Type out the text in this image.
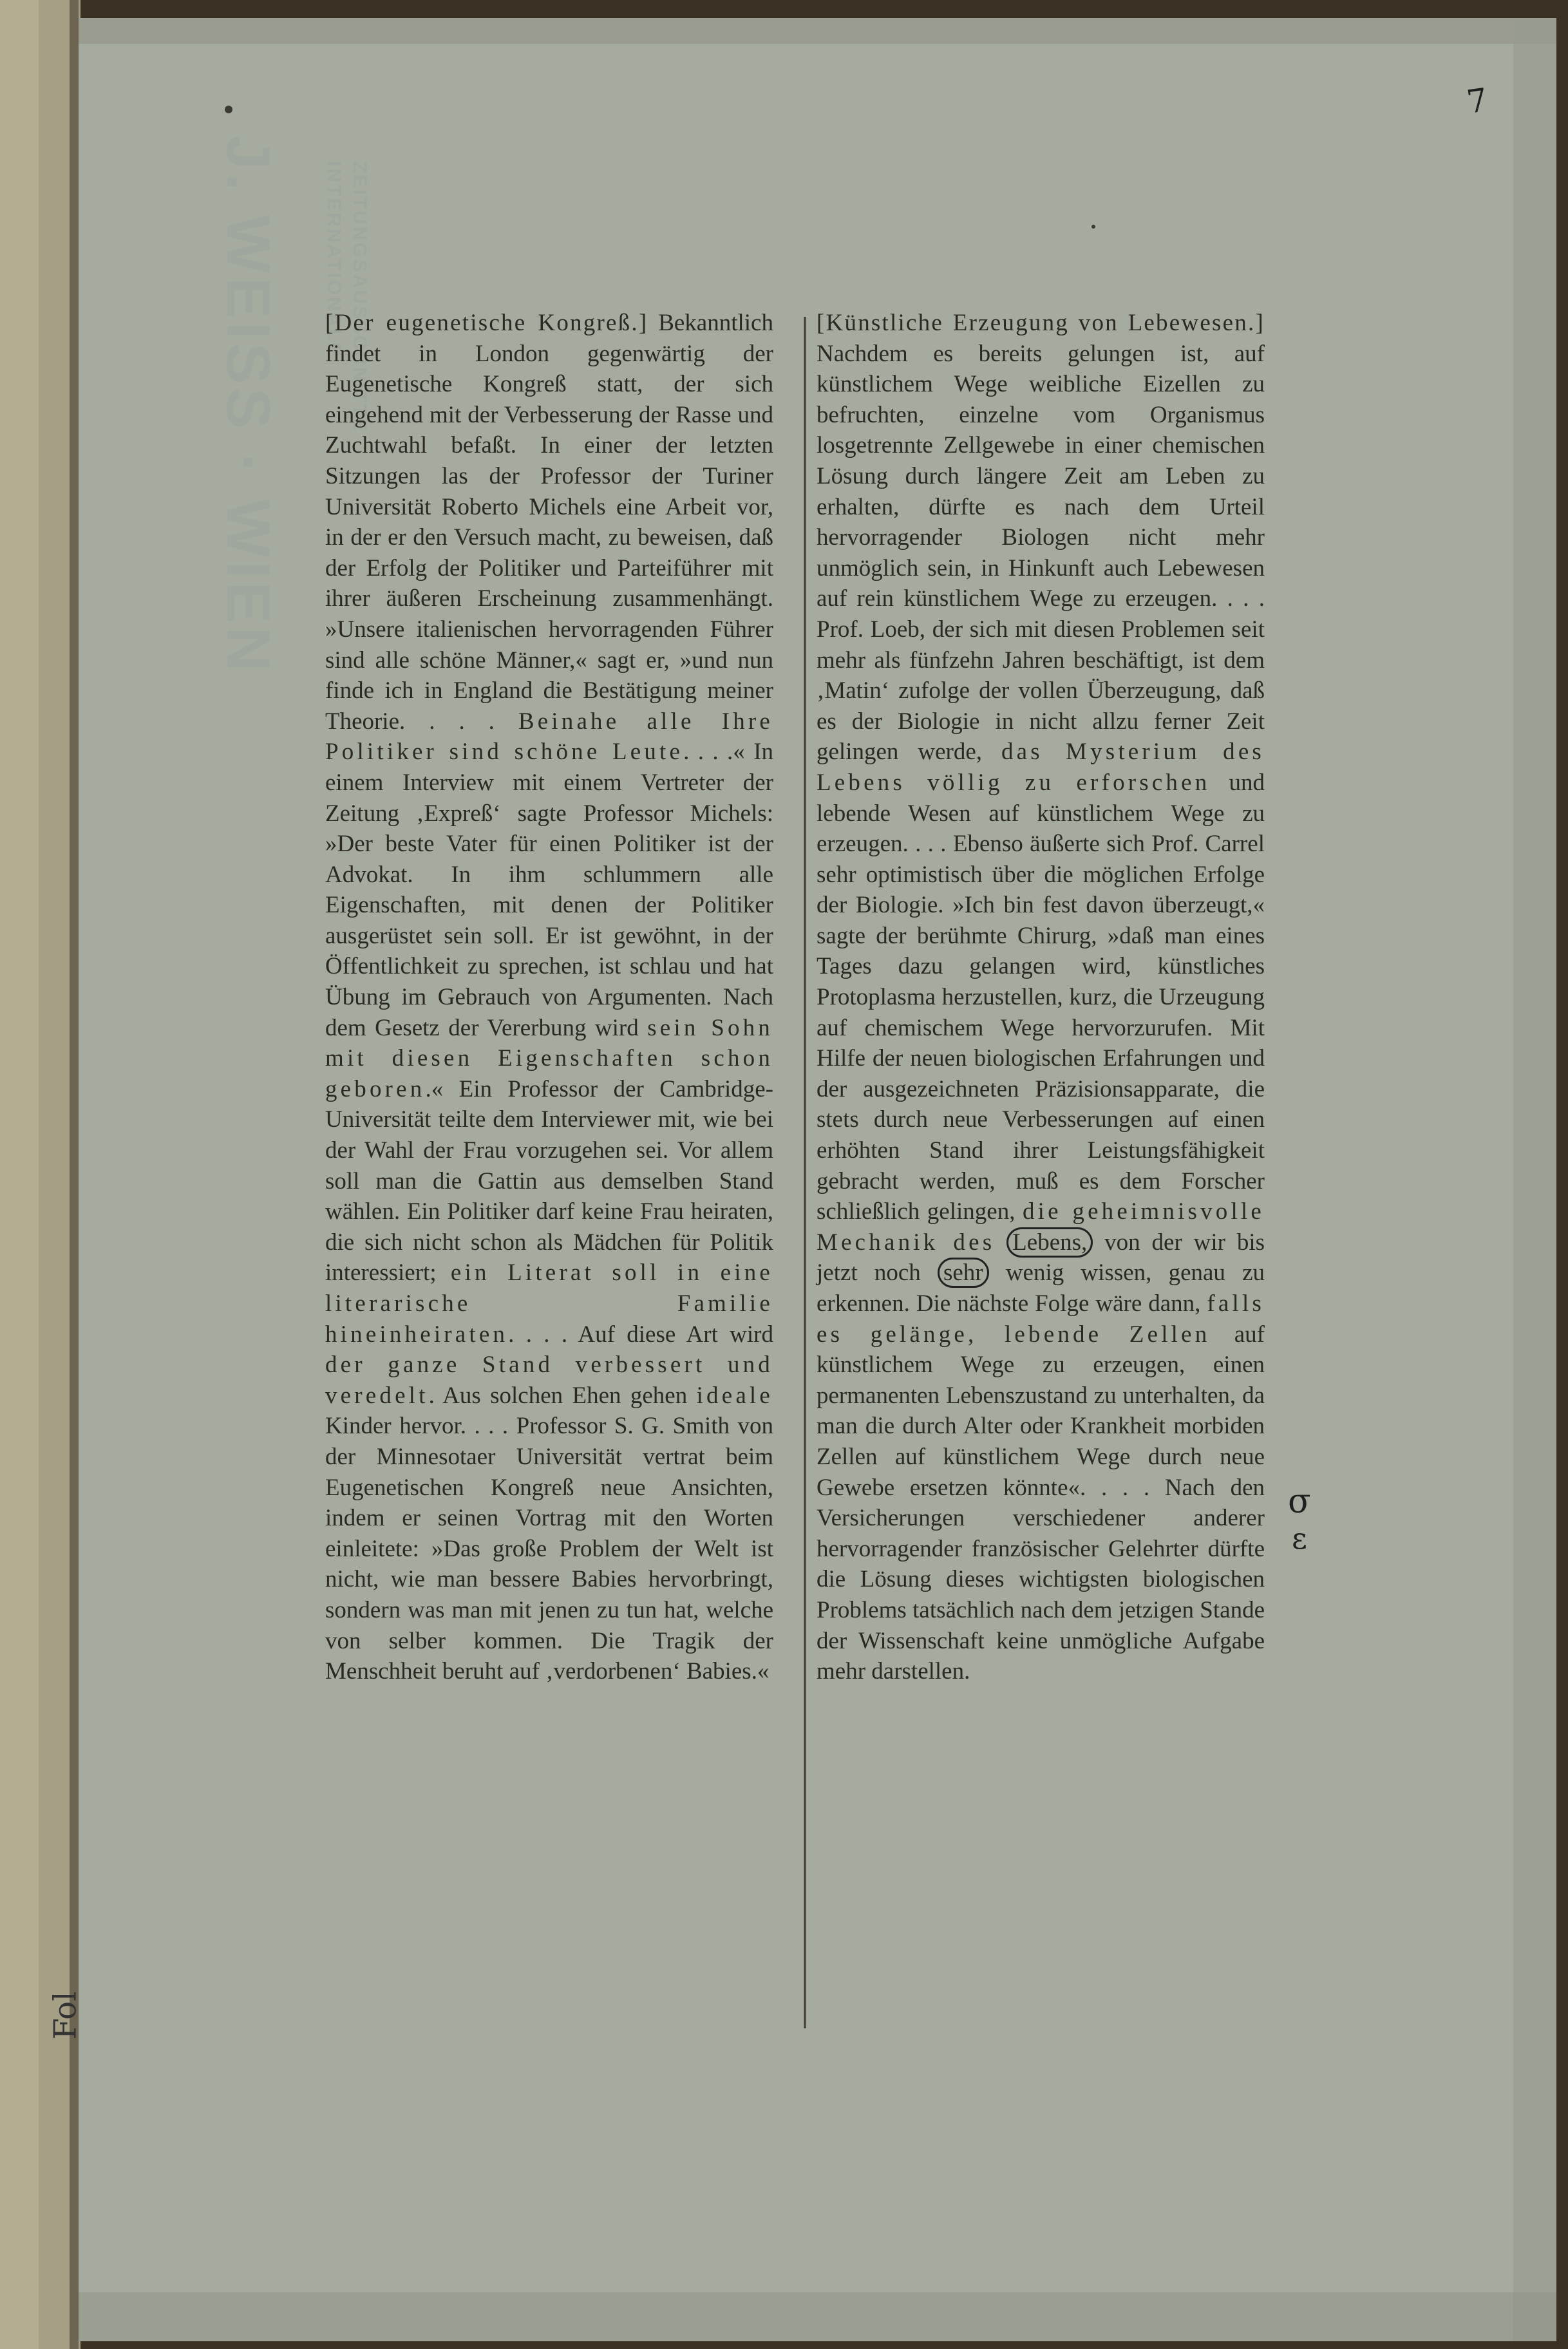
J. WEISS · WIEN	ZEITUNGSAUSSCHNITTE
INTERNATIONALE
7
σ
ε
Fol

[Der eugenetische Kongreß.] Bekanntlich findet in London gegenwärtig der Eugenetische Kongreß statt, der sich eingehend mit der Verbesserung der Rasse und Zuchtwahl befaßt. In einer der letzten Sitzungen las der Professor der Turiner Universität Roberto Michels eine Arbeit vor, in der er den Versuch macht, zu beweisen, daß der Erfolg der Politiker und Parteiführer mit ihrer äußeren Erscheinung zusammenhängt. »Unsere italienischen hervorragenden Führer sind alle schöne Männer,« sagt er, »und nun finde ich in England die Bestätigung meiner Theorie. . . . Beinahe alle Ihre Politiker sind schöne Leute. . . .« In einem Interview mit einem Vertreter der Zeitung ‚Expreß‘ sagte Professor Michels: »Der beste Vater für einen Politiker ist der Advokat. In ihm schlummern alle Eigenschaften, mit denen der Politiker ausgerüstet sein soll. Er ist gewöhnt, in der Öffentlichkeit zu sprechen, ist schlau und hat Übung im Gebrauch von Argumenten. Nach dem Gesetz der Vererbung wird sein Sohn mit diesen Eigenschaften schon geboren.« Ein Professor der Cambridge-Universität teilte dem Interviewer mit, wie bei der Wahl der Frau vorzugehen sei. Vor allem soll man die Gattin aus demselben Stand wählen. Ein Politiker darf keine Frau heiraten, die sich nicht schon als Mädchen für Politik interessiert; ein Literat soll in eine literarische Familie hineinheiraten. . . . Auf diese Art wird der ganze Stand verbessert und veredelt. Aus solchen Ehen gehen ideale Kinder hervor. . . . Professor S. G. Smith von der Minnesotaer Universität vertrat beim Eugenetischen Kongreß neue Ansichten, indem er seinen Vortrag mit den Worten einleitete: »Das große Problem der Welt ist nicht, wie man bessere Babies hervorbringt, sondern was man mit jenen zu tun hat, welche von selber kommen. Die Tragik der Menschheit beruht auf ‚verdorbenen‘ Babies.«

[Künstliche Erzeugung von Lebewesen.] Nachdem es bereits gelungen ist, auf künstlichem Wege weibliche Eizellen zu befruchten, einzelne vom Organismus losgetrennte Zellgewebe in einer chemischen Lösung durch längere Zeit am Leben zu erhalten, dürfte es nach dem Urteil hervorragender Biologen nicht mehr unmöglich sein, in Hinkunft auch Lebewesen auf rein künstlichem Wege zu erzeugen. . . . Prof. Loeb, der sich mit diesen Problemen seit mehr als fünfzehn Jahren beschäftigt, ist dem ‚Matin‘ zufolge der vollen Überzeugung, daß es der Biologie in nicht allzu ferner Zeit gelingen werde, das Mysterium des Lebens völlig zu erforschen und lebende Wesen auf künstlichem Wege zu erzeugen. . . . Ebenso äußerte sich Prof. Carrel sehr optimistisch über die möglichen Erfolge der Biologie. »Ich bin fest davon überzeugt,« sagte der berühmte Chirurg, »daß man eines Tages dazu gelangen wird, künstliches Protoplasma herzustellen, kurz, die Urzeugung auf chemischem Wege hervorzurufen. Mit Hilfe der neuen biologischen Erfahrungen und der ausgezeichneten Präzisionsapparate, die stets durch neue Verbesserungen auf einen erhöhten Stand ihrer Leistungsfähigkeit gebracht werden, muß es dem Forscher schließlich gelingen, die geheimnisvolle Mechanik des Lebens, von der wir bis jetzt noch sehr wenig wissen, genau zu erkennen. Die nächste Folge wäre dann, falls es gelänge, lebende Zellen auf künstlichem Wege zu erzeugen, einen permanenten Lebenszustand zu unterhalten, da man die durch Alter oder Krankheit morbiden Zellen auf künstlichem Wege durch neue Gewebe ersetzen könnte«. . . . Nach den Versicherungen verschiedener anderer hervorragender französischer Gelehrter dürfte die Lösung dieses wichtigsten biologischen Problems tatsächlich nach dem jetzigen Stande der Wissenschaft keine unmögliche Aufgabe mehr darstellen.
